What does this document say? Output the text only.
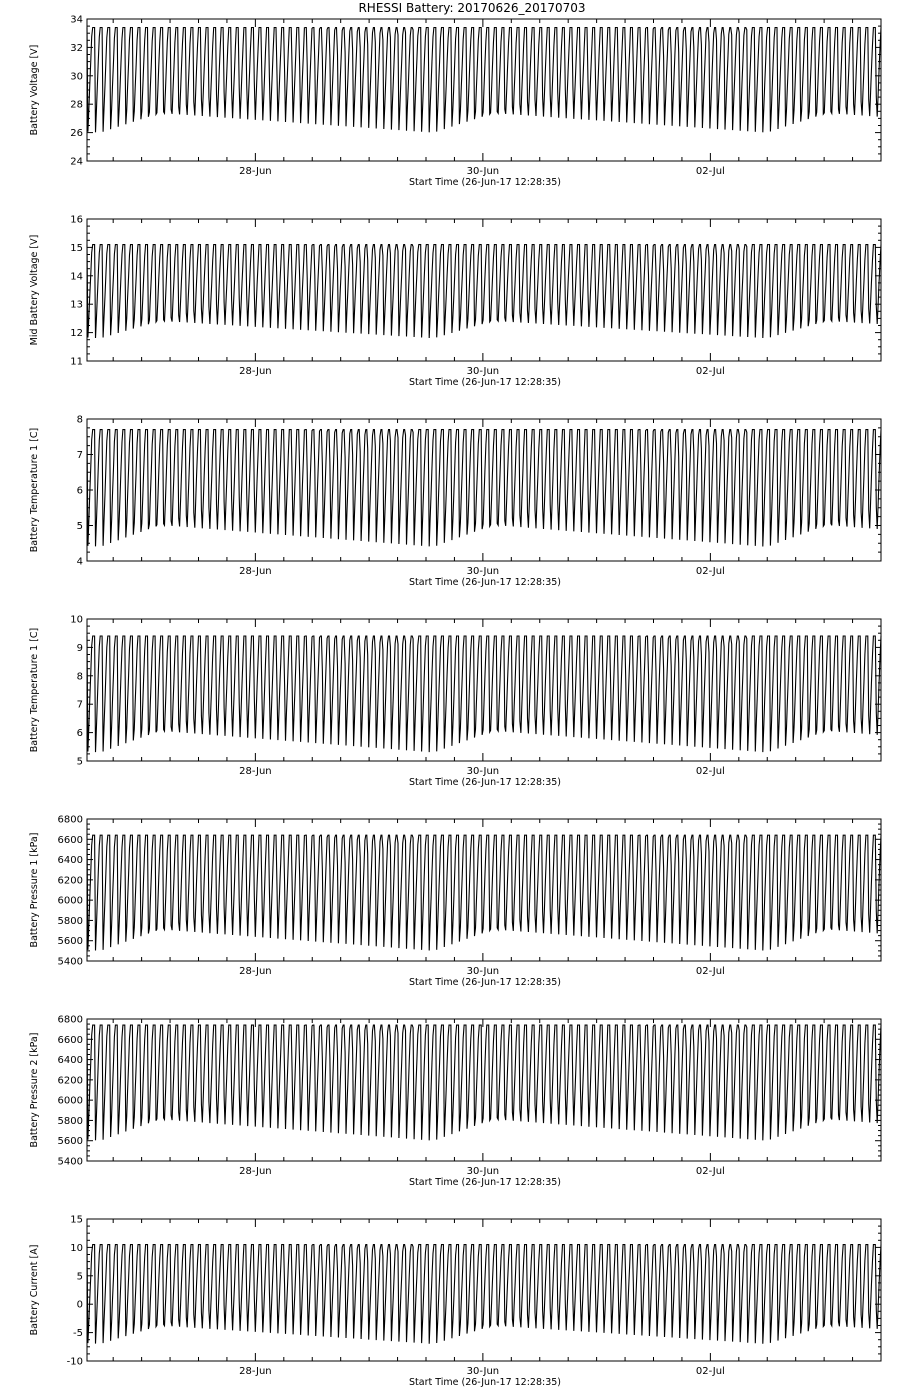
RHESSI Battery: 20170626_20170703
24
26
28
30
32
34
28-Jun	30-Jun	02-Jul
Start Time (26-Jun-17 12:28:35)
Battery Voltage [V]
11
12
13
14
15
16
28-Jun	30-Jun	02-Jul
Start Time (26-Jun-17 12:28:35)
Mid Battery Voltage [V]
4
5
6
7
8
28-Jun	30-Jun	02-Jul
Start Time (26-Jun-17 12:28:35)
Battery Temperature 1 [C]
5
6
7
8
9
10
28-Jun	30-Jun	02-Jul
Start Time (26-Jun-17 12:28:35)
Battery Temperature 1 [C]
5400
5600
5800
6000
6200
6400
6600
6800
28-Jun	30-Jun	02-Jul
Start Time (26-Jun-17 12:28:35)
Battery Pressure 1 [kPa]
5400
5600
5800
6000
6200
6400
6600
6800
28-Jun	30-Jun	02-Jul
Start Time (26-Jun-17 12:28:35)
Battery Pressure 2 [kPa]
-10
-5
0
5
10
15
28-Jun	30-Jun	02-Jul
Start Time (26-Jun-17 12:28:35)
Battery Current [A]
